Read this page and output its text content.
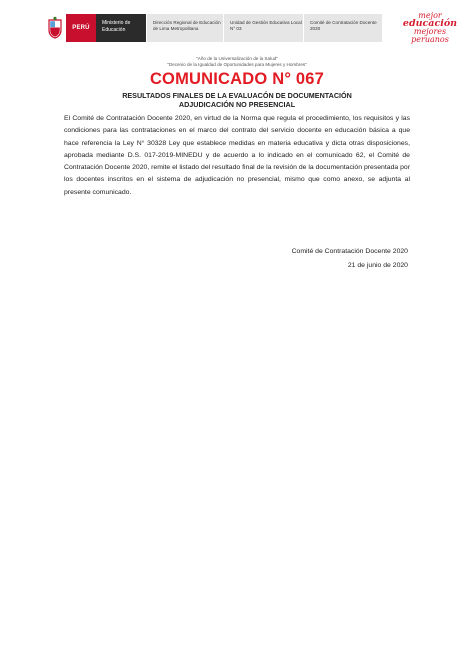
PERÚ
Ministerio de Educación
Dirección Regional de Educación de Lima Metropolitana
Unidad de Gestión Educativa Local N° 03
Comité de Contratación Docente 2020
mejor
educación
mejores
peruanos
"Año de la Universalización de la Salud"
"Decenio de la Igualdad de Oportunidades para Mujeres y Hombres"
COMUNICADO N° 067
RESULTADOS FINALES DE LA EVALUACÓN DE DOCUMENTACIÓN
ADJUDICACIÓN NO PRESENCIAL

El Comité de Contratación Docente 2020, en virtud de la Norma que regula el procedimiento, los requisitos y las condiciones para las contrataciones en el marco del contrato del servicio docente en educación básica a que hace referencia la Ley N° 30328 Ley que establece medidas en materia educativa y dicta otras disposiciones, aprobada mediante D.S. 017-2019-MINEDU y de acuerdo a lo indicado en el comunicado 62, el Comité de Contratación Docente 2020, remite el listado del resultado final de la revisión de la documentación presentada por los docentes inscritos en el sistema de adjudicación no presencial, mismo que como anexo, se adjunta al presente comunicado.

Comité de Contratación Docente 2020
21 de junio de 2020
